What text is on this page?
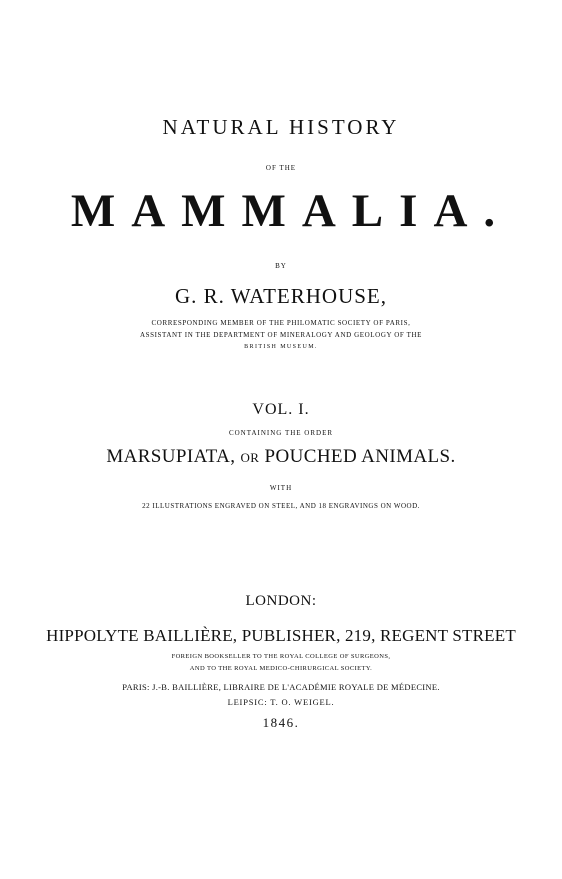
NATURAL HISTORY
OF THE
MAMMALIA.
BY
G. R. WATERHOUSE,
CORRESPONDING MEMBER OF THE PHILOMATIC SOCIETY OF PARIS,
ASSISTANT IN THE DEPARTMENT OF MINERALOGY AND GEOLOGY OF THE
BRITISH MUSEUM.
VOL. I.
CONTAINING THE ORDER
MARSUPIATA, OR POUCHED ANIMALS.
WITH
22 ILLUSTRATIONS ENGRAVED ON STEEL, AND 18 ENGRAVINGS ON WOOD.
LONDON:
HIPPOLYTE BAILLIÈRE, PUBLISHER, 219, REGENT STREET
FOREIGN BOOKSELLER TO THE ROYAL COLLEGE OF SURGEONS,
AND TO THE ROYAL MEDICO-CHIRURGICAL SOCIETY.
PARIS: J.-B. BAILLIÈRE, LIBRAIRE DE L'ACADÉMIE ROYALE DE MÉDECINE.
LEIPSIC: T. O. WEIGEL.
1846.
